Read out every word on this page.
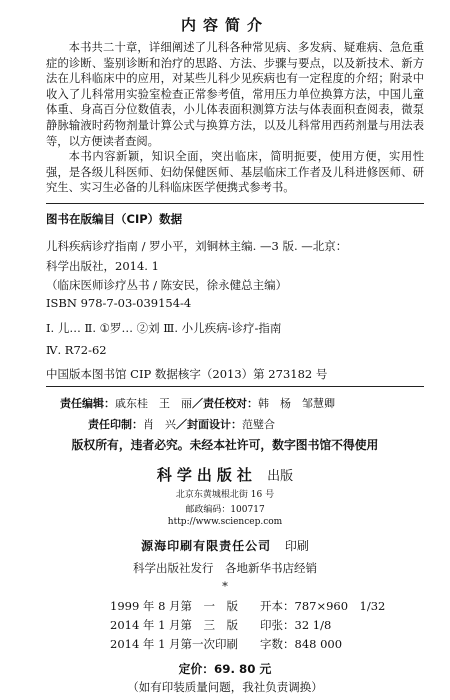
内容简介

本书共二十章，详细阐述了儿科各种常见病、多发病、疑难病、急危重症的诊断、鉴别诊断和治疗的思路、方法、步骤与要点，以及新技术、新方法在儿科临床中的应用，对某些儿科少见疾病也有一定程度的介绍；附录中收入了儿科常用实验室检查正常参考值，常用压力单位换算方法，中国儿童体重、身高百分位数值表，小儿体表面积测算方法与体表面积查阅表，微泵静脉输液时药物剂量计算公式与换算方法，以及儿科常用西药剂量与用法表等，以方便读者查阅。

本书内容新颖，知识全面，突出临床，简明扼要，使用方便，实用性强，是各级儿科医师、妇幼保健医师、基层临床工作者及儿科进修医师、研究生、实习生必备的儿科临床医学便携式参考书。

图书在版编目（CIP）数据
儿科疾病诊疗指南 / 罗小平，刘铜林主编. —3 版. —北京：
科学出版社，2014. 1
（临床医师诊疗丛书 / 陈安民，徐永健总主编）
ISBN 978-7-03-039154-4
Ⅰ. 儿… Ⅱ. ①罗… ②刘 Ⅲ. 小儿疾病-诊疗-指南
Ⅳ. R72-62
中国版本图书馆 CIP 数据核字（2013）第 273182 号
责任编辑：戚东桂　王　丽／责任校对：韩　杨　邹慧卿
责任印制：肖　兴／封面设计：范璧合
版权所有，违者必究。未经本社许可，数字图书馆不得使用
科学出版社 出版
北京东黄城根北街 16 号
邮政编码：100717
http://www.sciencep.com
源海印刷有限责任公司 印刷
科学出版社发行　各地新华书店经销
*
1999 年 8 月第　一　版 开本：787×960　1/32
2014 年 1 月第　三　版 印张：32 1/8
2014 年 1 月第一次印刷 字数：848 000
定价：69. 80 元
（如有印装质量问题，我社负责调换）
